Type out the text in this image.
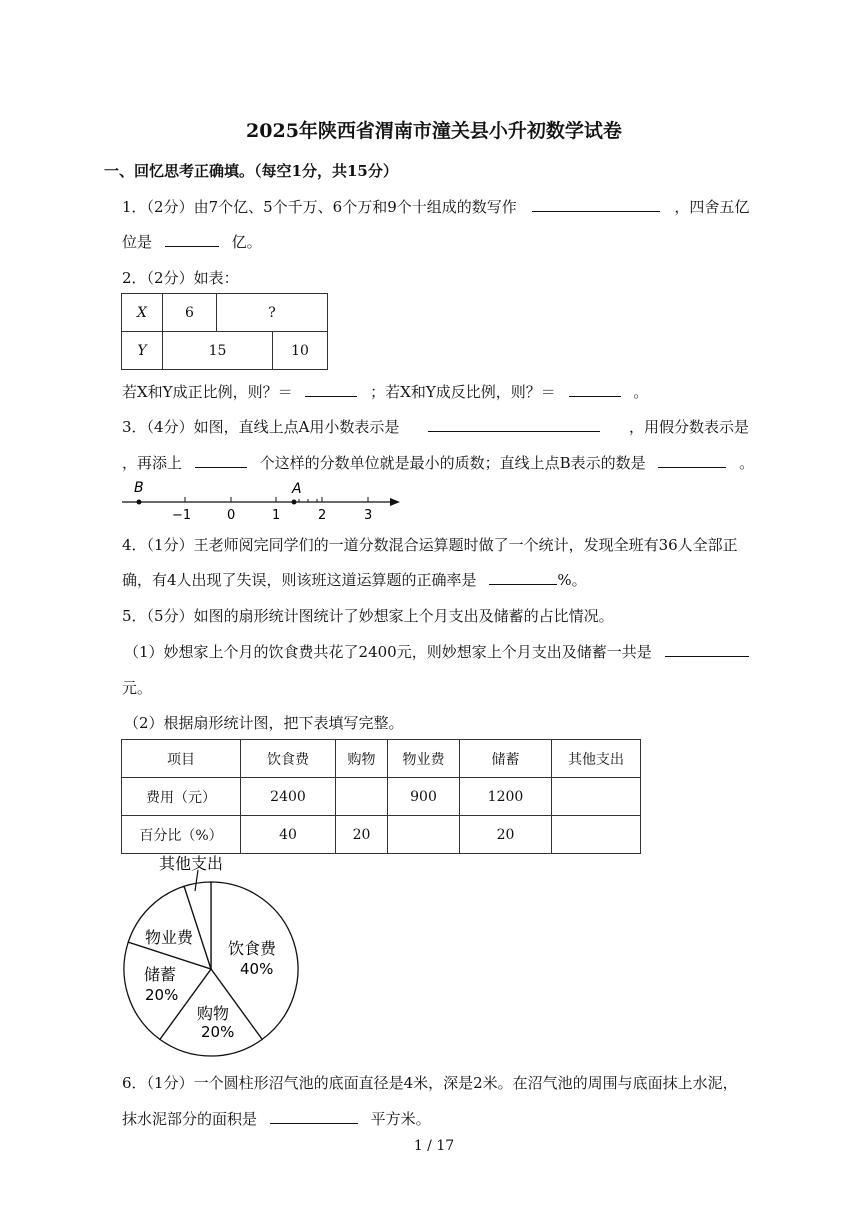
2025年陕西省渭南市潼关县小升初数学试卷
一、回忆思考正确填。（每空1分，共15分）
1．（2分）由7个亿、5个千万、6个万和9个十组成的数写作	，四舍五亿
位是	亿。
2．（2分）如表：
X	6	?	
Y	15		10
若X和Y成正比例，则？＝	；若X和Y成反比例，则？＝	。
3．（4分）如图，直线上点A用小数表示是	，用假分数表示是
，再添上	个这样的分数单位就是最小的质数；直线上点B表示的数是	。
B
−1	0	1	2	3
A
4．（1分）王老师阅完同学们的一道分数混合运算题时做了一个统计，发现全班有36人全部正
确，有4人出现了失误，则该班这道运算题的正确率是	%。
5．（5分）如图的扇形统计图统计了妙想家上个月支出及储蓄的占比情况。
（1）妙想家上个月的饮食费共花了2400元，则妙想家上个月支出及储蓄一共是
元。
（2）根据扇形统计图，把下表填写完整。
项目	饮食费	购物	物业费	储蓄	其他支出
费用（元）	2400		900	1200	
百分比（%）	40	20		20	
其他支出
饮食费
40%
物业费
储蓄
20%
购物
20%
6．（1分）一个圆柱形沼气池的底面直径是4米，深是2米。在沼气池的周围与底面抹上水泥，
抹水泥部分的面积是	平方米。
1 / 17
